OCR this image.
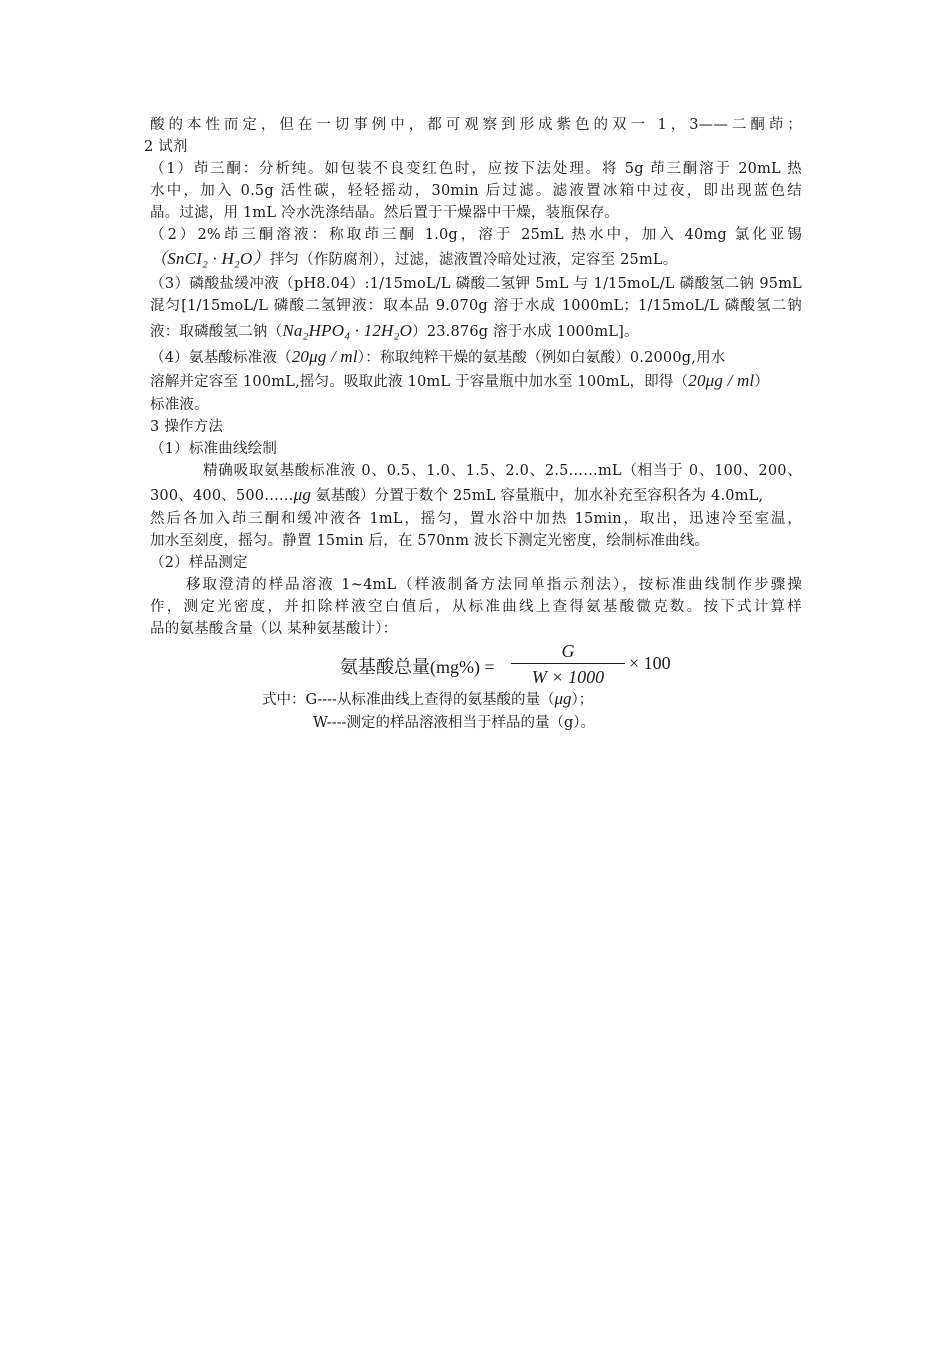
酸的本性而定，但在一切事例中，都可观察到形成紫色的双一 1，3——二酮茚；
2 试剂
（1）茚三酮：分析纯。如包装不良变红色时，应按下法处理。将 5g 茚三酮溶于 20mL 热
水中，加入 0.5g 活性碳，轻轻摇动，30min 后过滤。滤液置冰箱中过夜，即出现蓝色结
晶。过滤，用 1mL 冷水洗涤结晶。然后置于干燥器中干燥，装瓶保存。
（2）2%茚三酮溶液：称取茚三酮 1.0g，溶于 25mL 热水中，加入 40mg 氯化亚锡
（SnCI₂ · H₂O）拌匀（作防腐剂），过滤，滤液置冷暗处过液，定容至 25mL。
（3）磷酸盐缓冲液（pH8.04）:1/15moL/L 磷酸二氢钾 5mL 与 1/15moL/L 磷酸氢二钠 95mL
混匀[1/15moL/L 磷酸二氢钾液：取本品 9.070g 溶于水成 1000mL；1/15moL/L 磷酸氢二钠
液：取磷酸氢二钠（Na₂HPO₄ · 12H₂O）23.876g 溶于水成 1000mL]。
（4）氨基酸标准液（20μg / ml）：称取纯粹干燥的氨基酸（例如白氨酸）0.2000g,用水
溶解并定容至 100mL,摇匀。吸取此液 10mL 于容量瓶中加水至 100mL，即得（20μg / ml）
标准液。
3 操作方法
（1）标准曲线绘制
精确吸取氨基酸标准液 0、0.5、1.0、1.5、2.0、2.5……mL（相当于 0、100、200、
300、400、500……μg 氨基酸）分置于数个 25mL 容量瓶中，加水补充至容积各为 4.0mL,
然后各加入茚三酮和缓冲液各 1mL，摇匀，置水浴中加热 15min，取出，迅速冷至室温，
加水至刻度，摇匀。静置 15min 后，在 570nm 波长下测定光密度，绘制标准曲线。
（2）样品测定
移取澄清的样品溶液 1~4mL（样液制备方法同单指示剂法），按标准曲线制作步骤操
作，测定光密度，并扣除样液空白值后，从标准曲线上查得氨基酸微克数。按下式计算样
品的氨基酸含量（以 某种氨基酸计）：
氨基酸总量(mg%) =
G
W × 1000
× 100
式中：G----从标准曲线上查得的氨基酸的量（μg）；
W----测定的样品溶液相当于样品的量（g）。
